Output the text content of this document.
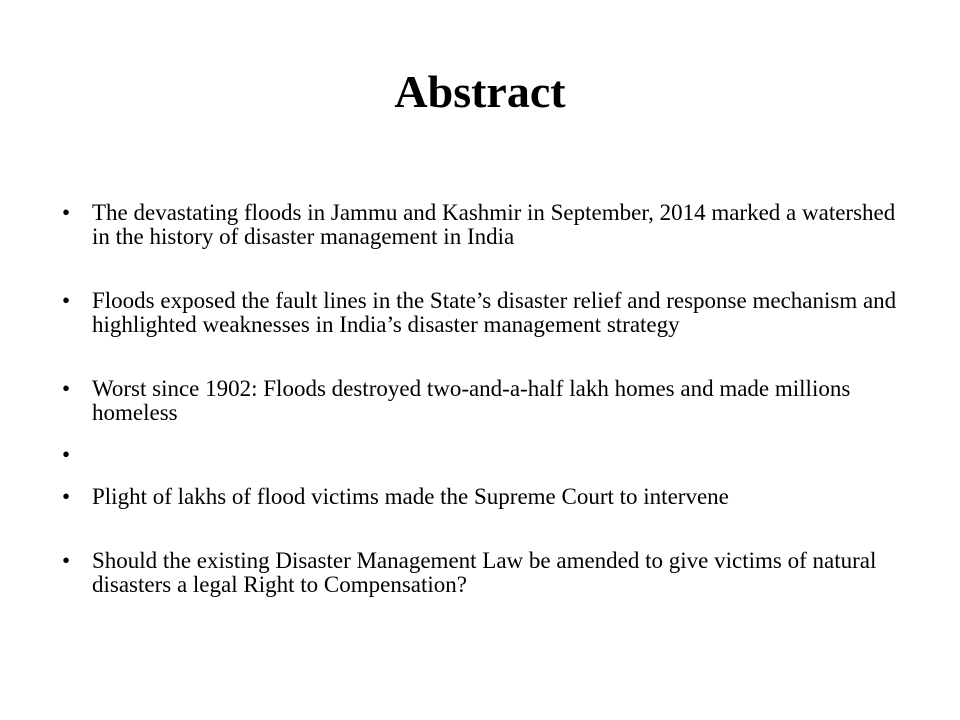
Abstract
• The devastating floods in Jammu and Kashmir in September, 2014 marked a watershed in the history of disaster management in India
• Floods exposed the fault lines in the State’s disaster relief and response mechanism and highlighted weaknesses in India’s disaster management strategy
• Worst since 1902: Floods destroyed two-and-a-half lakh homes and made millions homeless
•
• Plight of lakhs of flood victims made the Supreme Court to intervene
• Should the existing Disaster Management Law be amended to give victims of natural disasters a legal Right to Compensation?
